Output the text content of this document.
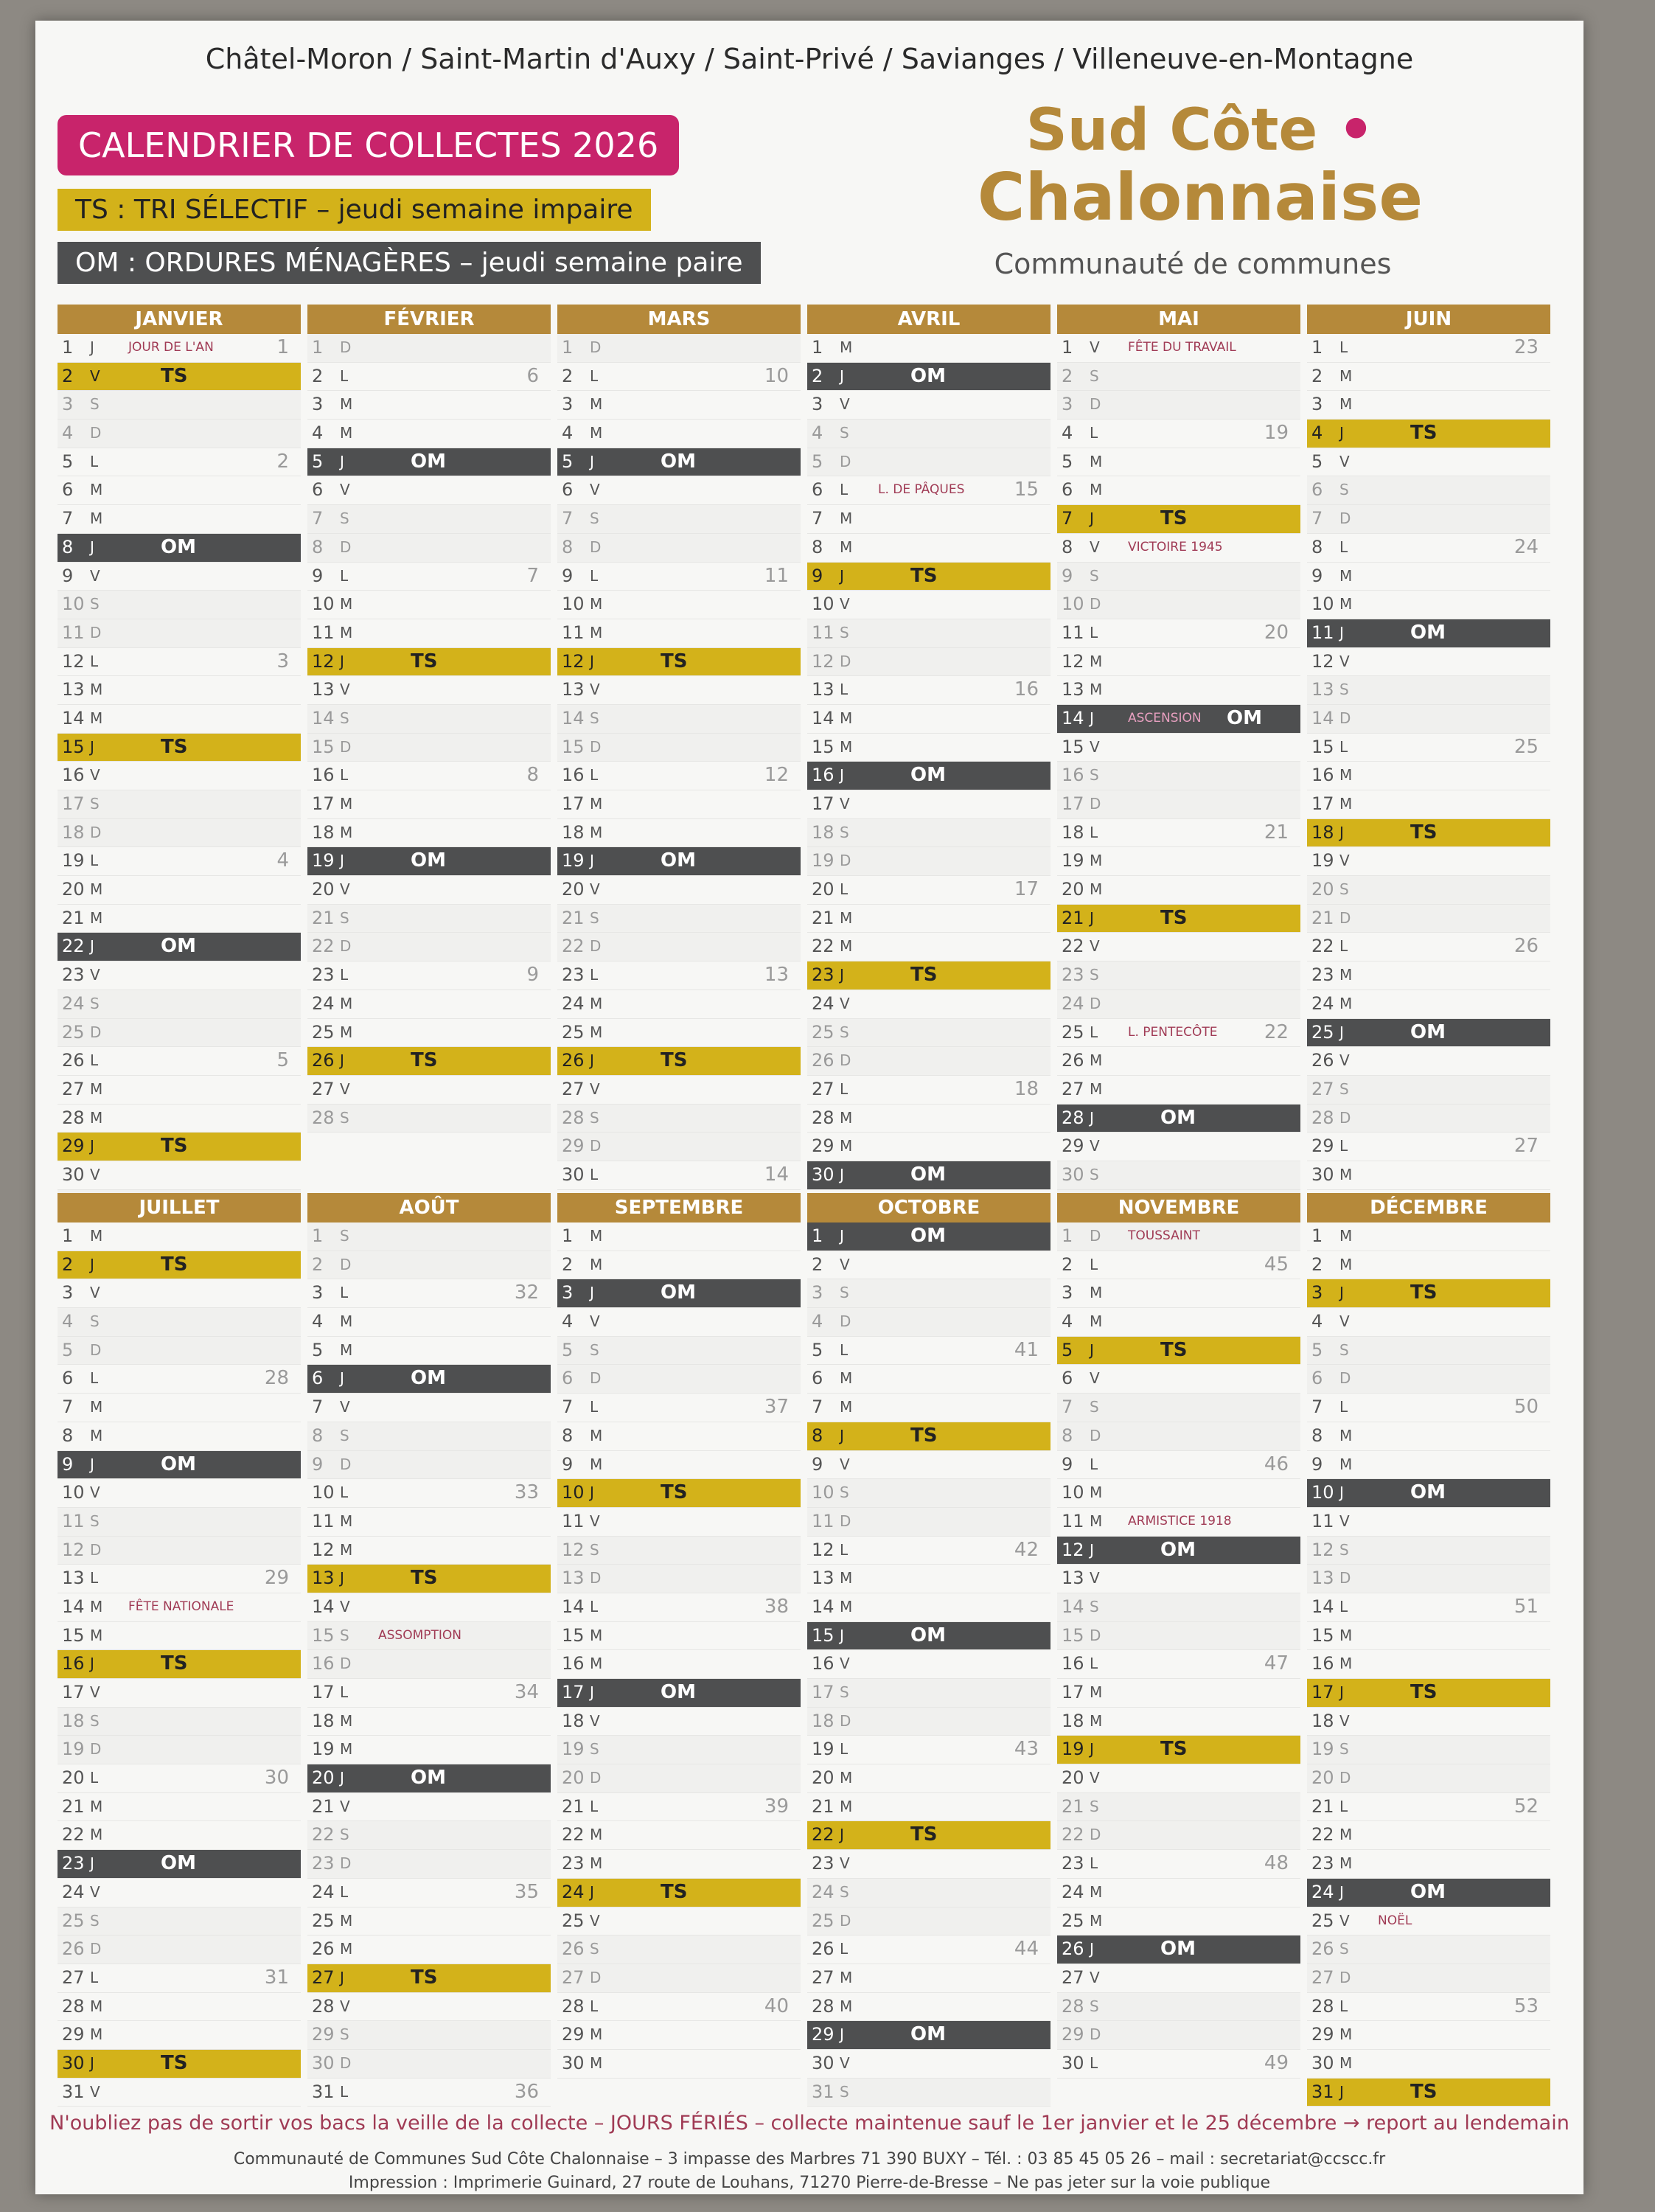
Châtel-Moron / Saint-Martin d'Auxy / Saint-Privé / Savianges / Villeneuve-en-Montagne
CALENDRIER DE COLLECTES 2026
TS : TRI SÉLECTIF – jeudi semaine impaire
OM : ORDURES MÉNAGÈRES – jeudi semaine paire
Sud Côte •
Chalonnaise
Communauté de communes
JANVIER
1 J	JOUR DE L'AN	1
2 V	TS
3 S
4 D
5 L	2
6 M
7 M
8 J	OM
9 V
10 S
11 D
12 L	3
13 M
14 M
15 J	TS
16 V
17 S
18 D
19 L	4
20 M
21 M
22 J	OM
23 V
24 S
25 D
26 L	5
27 M
28 M
29 J	TS
30 V
FÉVRIER
1 D
2 L	6
3 M
4 M
5 J	OM
6 V
7 S
8 D
9 L	7
10 M
11 M
12 J	TS
13 V
14 S
15 D
16 L	8
17 M
18 M
19 J	OM
20 V
21 S
22 D
23 L	9
24 M
25 M
26 J	TS
27 V
28 S
MARS
1 D
2 L	10
3 M
4 M
5 J	OM
6 V
7 S
8 D
9 L	11
10 M
11 M
12 J	TS
13 V
14 S
15 D
16 L	12
17 M
18 M
19 J	OM
20 V
21 S
22 D
23 L	13
24 M
25 M
26 J	TS
27 V
28 S
29 D
30 L	14
AVRIL
1 M
2 J	OM
3 V
4 S
5 D
6 L L. DE PÂQUES	15
7 M
8 M
9 J	TS
10 V
11 S
12 D
13 L	16
14 M
15 M
16 J	OM
17 V
18 S
19 D
20 L	17
21 M
22 M
23 J	TS
24 V
25 S
26 D
27 L	18
28 M
29 M
30 J	OM
MAI
1 V FÊTE DU TRAVAIL
2 S
3 D
4 L	19
5 M
6 M
7 J	TS
8 V VICTOIRE 1945
9 S
10 D
11 L	20
12 M
13 M
14 J	ASCENSION OM
15 V
16 S
17 D
18 L	21
19 M
20 M
21 J	TS
22 V
23 S
24 D
25 L L. PENTECÔTE 22
26 M
27 M
28 J	OM
29 V
30 S
JUIN
1 L	23
2 M
3 M
4 J	TS
5 V
6 S
7 D
8 L	24
9 M
10 M
11 J	OM
12 V
13 S
14 D
15 L	25
16 M
17 M
18 J	TS
19 V
20 S
21 D
22 L	26
23 M
24 M
25 J	OM
26 V
27 S
28 D
29 L	27
30 M
JUILLET
1 M
2 J	TS
3 V
4 S
5 D
6 L	28
7 M
8 M
9 J	OM
10 V
11 S
12 D
13 L	29
14 M FÊTE NATIONALE
15 M
16 J	TS
17 V
18 S
19 D
20 L	30
21 M
22 M
23 J	OM
24 V
25 S
26 D
27 L	31
28 M
29 M
30 J	TS
31 V
AOÛT
1 S
2 D
3 L	32
4 M
5 M
6 J	OM
7 V
8 S
9 D
10 L	33
11 M
12 M
13 J	TS
14 V
15 S ASSOMPTION
16 D
17 L	34
18 M
19 M
20 J	OM
21 V
22 S
23 D
24 L	35
25 M
26 M
27 J	TS
28 V
29 S
30 D
31 L	36
SEPTEMBRE
1 M
2 M
3 J	OM
4 V
5 S
6 D
7 L	37
8 M
9 M
10 J	TS
11 V
12 S
13 D
14 L	38
15 M
16 M
17 J	OM
18 V
19 S
20 D
21 L	39
22 M
23 M
24 J	TS
25 V
26 S
27 D
28 L	40
29 M
30 M
OCTOBRE
1 J	OM
2 V
3 S
4 D
5 L	41
6 M
7 M
8 J	TS
9 V
10 S
11 D
12 L	42
13 M
14 M
15 J	OM
16 V
17 S
18 D
19 L	43
20 M
21 M
22 J	TS
23 V
24 S
25 D
26 L	44
27 M
28 M
29 J	OM
30 V
31 S
NOVEMBRE
1 D TOUSSAINT
2 L	45
3 M
4 M
5 J	TS
6 V
7 S
8 D
9 L	46
10 M
11 M ARMISTICE 1918
12 J	OM
13 V
14 S
15 D
16 L	47
17 M
18 M
19 J	TS
20 V
21 S
22 D
23 L	48
24 M
25 M
26 J	OM
27 V
28 S
29 D
30 L	49
DÉCEMBRE
1 M
2 M
3 J	TS
4 V
5 S
6 D
7 L	50
8 M
9 M
10 J	OM
11 V
12 S
13 D
14 L	51
15 M
16 M
17 J	TS
18 V
19 S
20 D
21 L	52
22 M
23 M
24 J	OM
25 V NOËL
26 S
27 D
28 L	53
29 M
30 M
31 J	TS
N'oubliez pas de sortir vos bacs la veille de la collecte – JOURS FÉRIÉS – collecte maintenue sauf le 1er janvier et le 25 décembre → report au lendemain
Communauté de Communes Sud Côte Chalonnaise – 3 impasse des Marbres 71 390 BUXY – Tél. : 03 85 45 05 26 – mail : secretariat@ccscc.fr
Impression : Imprimerie Guinard, 27 route de Louhans, 71270 Pierre-de-Bresse – Ne pas jeter sur la voie publique
